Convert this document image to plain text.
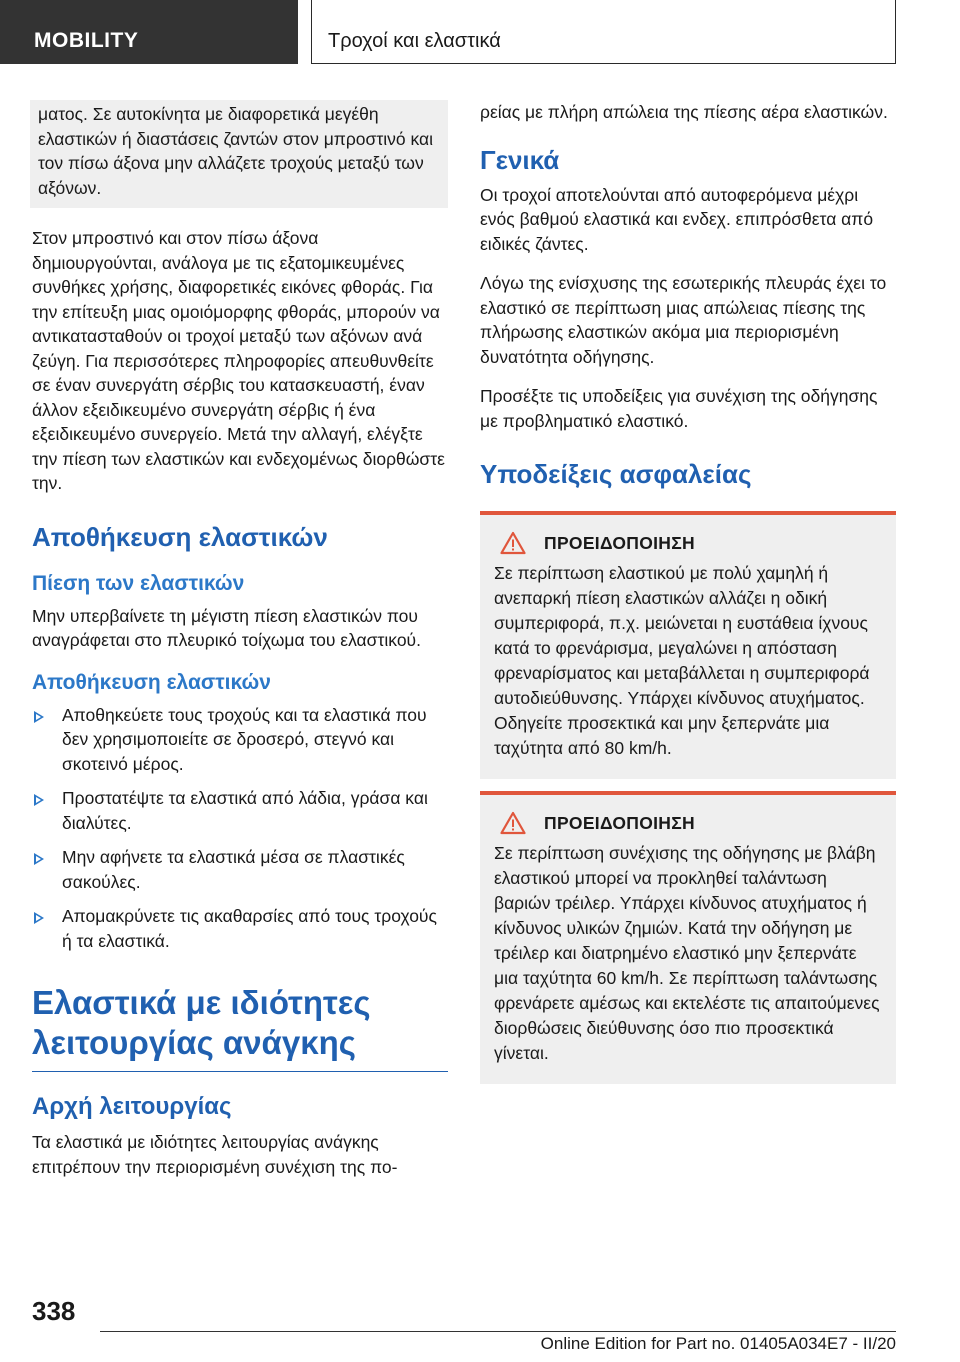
MOBILITY	Τροχοί και ελαστικά

ματος. Σε αυτοκίνητα με διαφορετικά μεγέθη ελαστικών ή διαστάσεις ζαντών στον μπροστινό και τον πίσω άξονα μην αλλάζετε τροχούς μεταξύ των αξόνων.

Στον μπροστινό και στον πίσω άξονα δημιουργούνται, ανάλογα με τις εξατομικευμένες συνθήκες χρήσης, διαφορετικές εικόνες φθοράς. Για την επίτευξη μιας ομοιόμορφης φθοράς, μπορούν να αντικατασταθούν οι τροχοί μεταξύ των αξόνων ανά ζεύγη. Για περισσότερες πληροφορίες απευθυνθείτε σε έναν συνεργάτη σέρβις του κατασκευαστή, έναν άλλον εξειδικευμένο συνεργάτη σέρβις ή ένα εξειδικευμένο συνεργείο. Μετά την αλλαγή, ελέγξτε την πίεση των ελαστικών και ενδεχομένως διορθώστε την.

Αποθήκευση ελαστικών
Πίεση των ελαστικών

Μην υπερβαίνετε τη μέγιστη πίεση ελαστικών που αναγράφεται στο πλευρικό τοίχωμα του ελαστικού.

Αποθήκευση ελαστικών
Αποθηκεύετε τους τροχούς και τα ελαστικά που δεν χρησιμοποιείτε σε δροσερό, στεγνό και σκοτεινό μέρος.
Προστατέψτε τα ελαστικά από λάδια, γράσα και διαλύτες.
Μην αφήνετε τα ελαστικά μέσα σε πλαστικές σακούλες.
Απομακρύνετε τις ακαθαρσίες από τους τροχούς ή τα ελαστικά.
Ελαστικά με ιδιότητες
λειτουργίας ανάγκης
Αρχή λειτουργίας

Τα ελαστικά με ιδιότητες λειτουργίας ανάγκης επιτρέπουν την περιορισμένη συνέχιση της πο-

ρείας με πλήρη απώλεια της πίεσης αέρα ελαστικών.

Γενικά

Οι τροχοί αποτελούνται από αυτοφερόμενα μέχρι ενός βαθμού ελαστικά και ενδεχ. επιπρόσθετα από ειδικές ζάντες.

Λόγω της ενίσχυσης της εσωτερικής πλευράς έχει το ελαστικό σε περίπτωση μιας απώλειας πίεσης της πλήρωσης ελαστικών ακόμα μια περιορισμένη δυνατότητα οδήγησης.

Προσέξτε τις υποδείξεις για συνέχιση της οδήγησης με προβληματικό ελαστικό.

Υποδείξεις ασφαλείας
ΠΡΟΕΙΔΟΠΟΙΗΣΗ

Σε περίπτωση ελαστικού με πολύ χαμηλή ή ανεπαρκή πίεση ελαστικών αλλάζει η οδική συμπεριφορά, π.χ. μειώνεται η ευστάθεια ίχνους κατά το φρενάρισμα, μεγαλώνει η απόσταση φρεναρίσματος και μεταβάλλεται η συμπεριφορά αυτοδιεύθυνσης. Υπάρχει κίνδυνος ατυχήματος. Οδηγείτε προσεκτικά και μην ξεπερνάτε μια ταχύτητα από 80 km/h.

ΠΡΟΕΙΔΟΠΟΙΗΣΗ

Σε περίπτωση συνέχισης της οδήγησης με βλάβη ελαστικού μπορεί να προκληθεί ταλάντωση βαριών τρέιλερ. Υπάρχει κίνδυνος ατυχήματος ή κίνδυνος υλικών ζημιών. Κατά την οδήγηση με τρέιλερ και διατρημένο ελαστικό μην ξεπερνάτε μια ταχύτητα 60 km/h. Σε περίπτωση ταλάντωσης φρενάρετε αμέσως και εκτελέστε τις απαιτούμενες διορθώσεις διεύθυνσης όσο πιο προσεκτικά γίνεται.

338
Online Edition for Part no. 01405A034E7 - II/20
